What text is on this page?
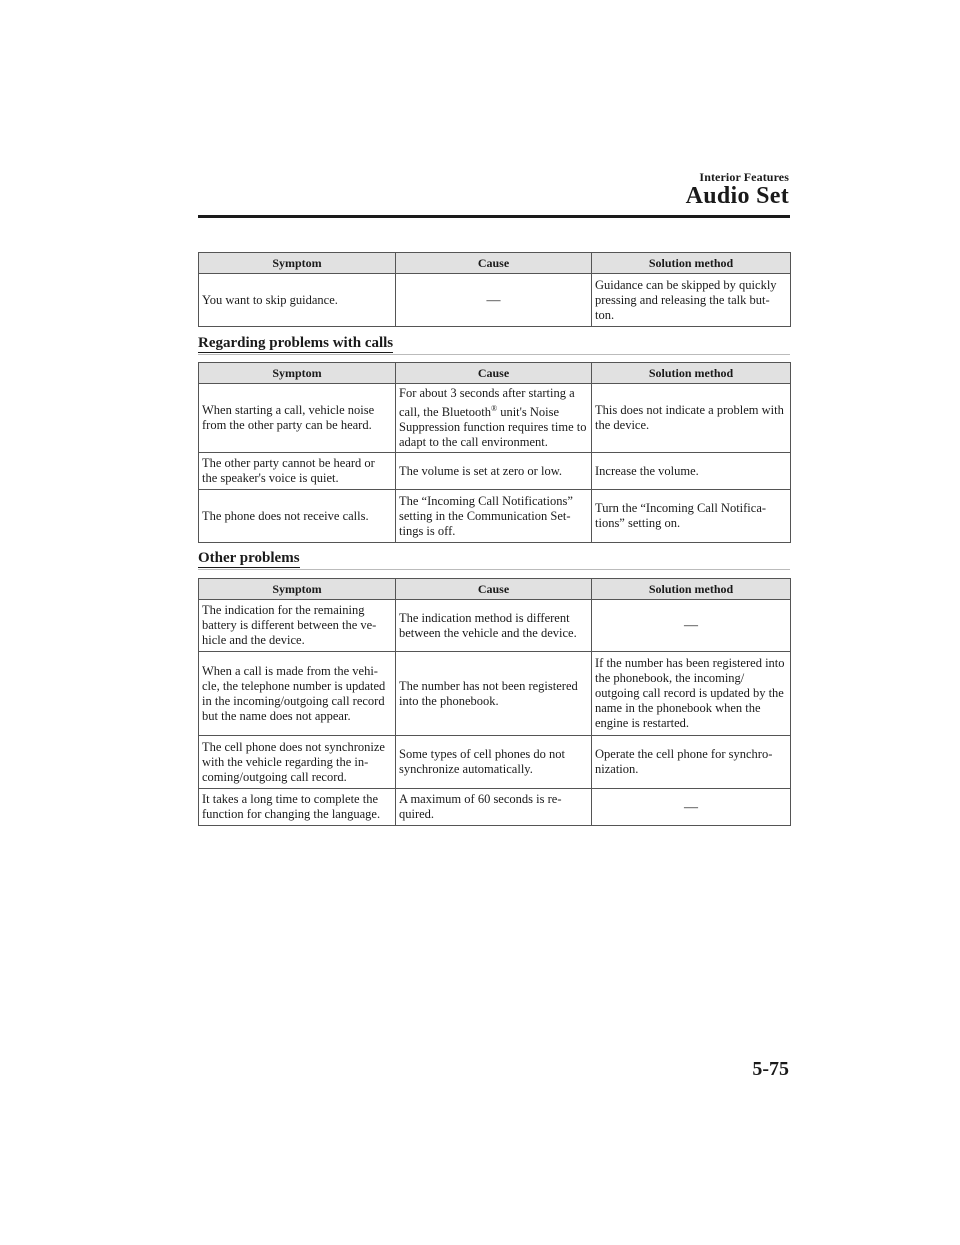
Interior Features
Audio Set
Symptom	Cause	Solution method
You want to skip guidance.	—	Guidance can be skipped by quickly pressing and releasing the talk but-ton.
Regarding problems with calls
Symptom	Cause	Solution method
When starting a call, vehicle noise from the other party can be heard.	For about 3 seconds after starting a call, the Bluetooth® unit's Noise Suppression function requires time to adapt to the call environment.	This does not indicate a problem with the device.
The other party cannot be heard or the speaker's voice is quiet.	The volume is set at zero or low.	Increase the volume.
The phone does not receive calls.	The “Incoming Call Notifications” setting in the Communication Set-tings is off.	Turn the “Incoming Call Notifica-tions” setting on.
Other problems
Symptom	Cause	Solution method
The indication for the remaining battery is different between the ve-hicle and the device.	The indication method is different between the vehicle and the device.	—
When a call is made from the vehi-cle, the telephone number is updated in the incoming/outgoing call record but the name does not appear.	The number has not been registered into the phonebook.	If the number has been registered into the phonebook, the incoming/ outgoing call record is updated by the name in the phonebook when the engine is restarted.
The cell phone does not synchronize with the vehicle regarding the in-coming/outgoing call record.	Some types of cell phones do not synchronize automatically.	Operate the cell phone for synchro-nization.
It takes a long time to complete the function for changing the language.	A maximum of 60 seconds is re-quired.	—
5-75
